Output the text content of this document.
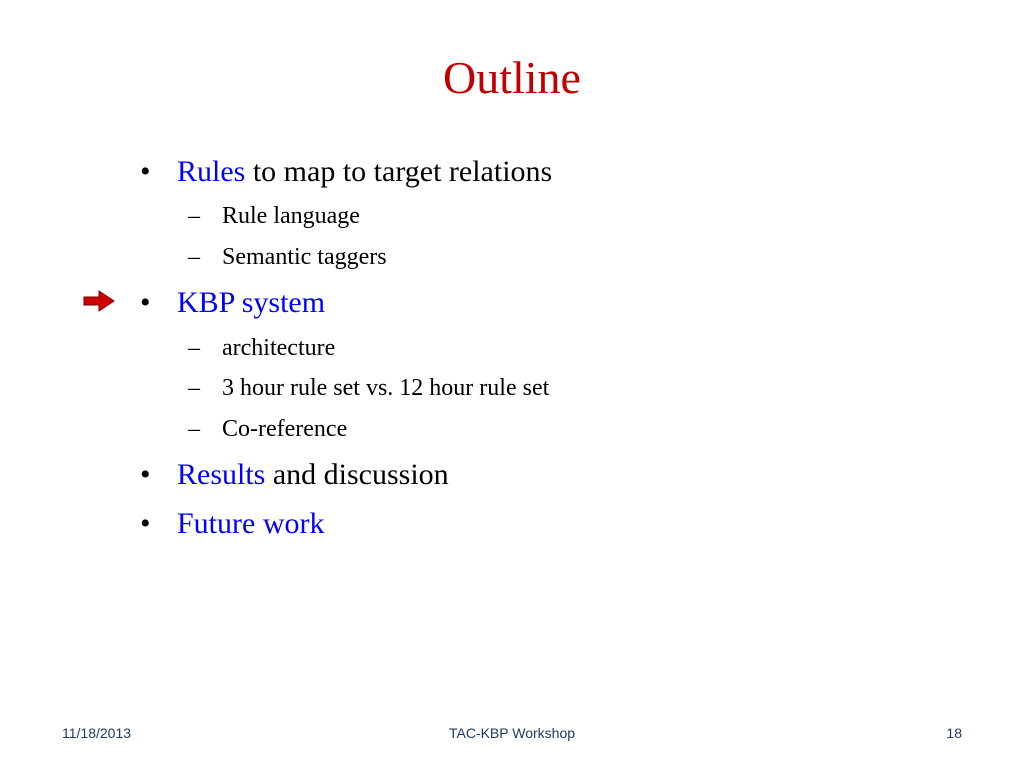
Outline
• Rules to map to target relations
– Rule language
– Semantic taggers
• KBP system
– architecture
– 3 hour rule set vs. 12 hour rule set
– Co-reference
• Results and discussion
• Future work
11/18/2013	TAC-KBP Workshop	18
